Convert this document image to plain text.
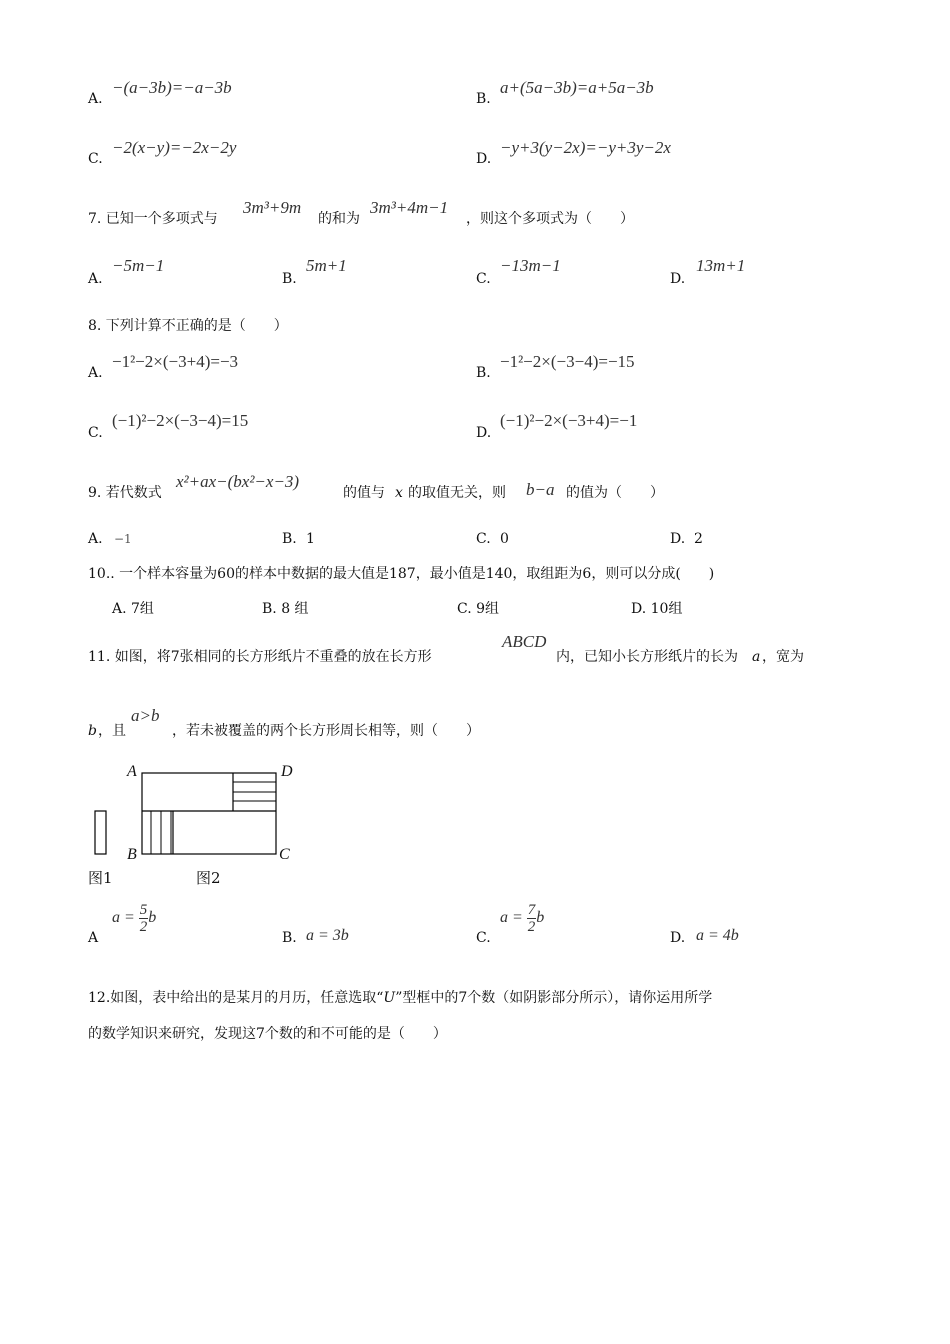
A.
−(a−3b)=−a−3b
B.
a+(5a−3b)=a+5a−3b
C.
−2(x−y)=−2x−2y
D.
−y+3(y−2x)=−y+3y−2x
7. 已知一个多项式与
3m³+9m
的和为
3m³+4m−1
，则这个多项式为（　　）
A.
−5m−1
B.
5m+1
C.
−13m−1
D.
13m+1
8. 下列计算不正确的是（　　）
A.
−1²−2×(−3+4)=−3
B.
−1²−2×(−3−4)=−15
C.
(−1)²−2×(−3−4)=15
D.
(−1)²−2×(−3+4)=−1
9. 若代数式
x²+ax−(bx²−x−3)
的值与 x 的取值无关，则 b−a 的值为（　　）
A. −1	B. 1	C. 0	D. 2
10.. 一个样本容量为60的样本中数据的最大值是187，最小值是140，取组距为6，则可以分成(　　)
A. 7组	B. 8 组	C. 9组	D. 10组
11. 如图，将7张相同的长方形纸片不重叠的放在长方形
ABCD
内，已知小长方形纸片的长为 a ，宽为
b ，且
a>b
，若未被覆盖的两个长方形周长相等，则（　　）
A	D
B	C
图1	图2
A
$a = \frac{5}{2}$ b
B. a = 3b	C.
$a = \frac{7}{2}$ b
D. a = 4b
12.如图，表中给出的是某月的月历，任意选取“U”型框中的7个数（如阴影部分所示），请你运用所学
的数学知识来研究，发现这7个数的和不可能的是（　　）
